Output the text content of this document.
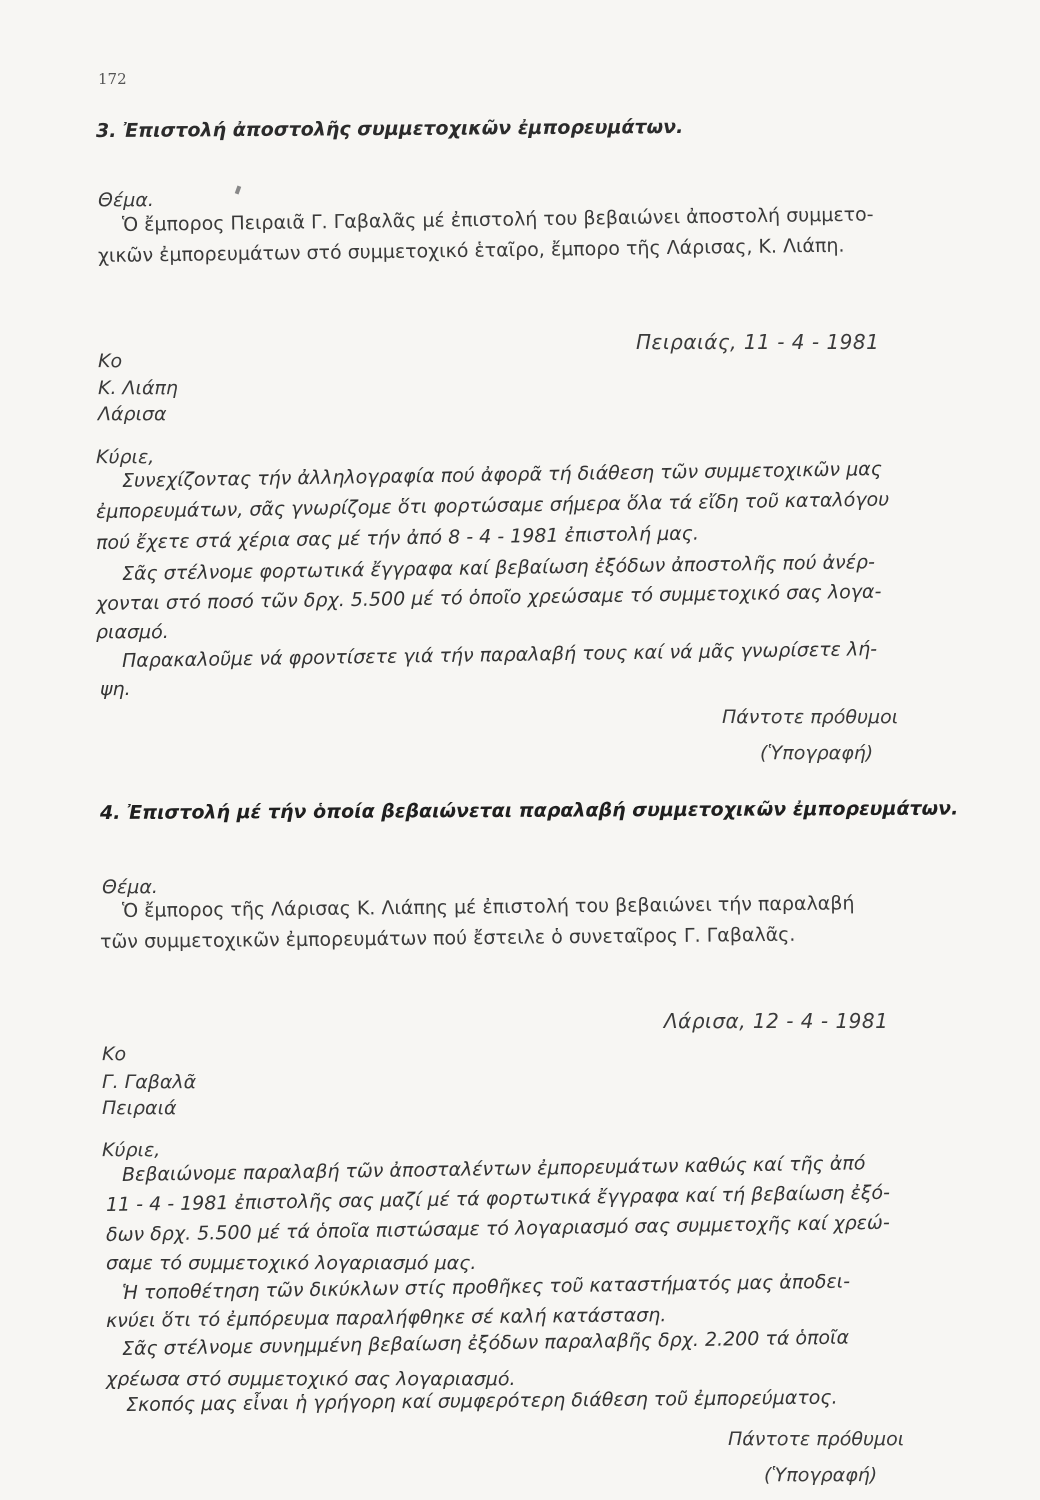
172
3. Ἐπιστολή ἀποστολῆς συμμετοχικῶν ἐμπορευμάτων.
Θέμα.
Ὁ ἔμπορος Πειραιᾶ Γ. Γαβαλᾶς μέ ἐπιστολή του βεβαιώνει ἀποστολή συμμετο-
χικῶν ἐμπορευμάτων στό συμμετοχικό ἑταῖρο, ἔμπορο τῆς Λάρισας, Κ. Λιάπη.
Πειραιάς, 11 - 4 - 1981
Κο
Κ. Λιάπη
Λάρισα
Κύριε,
Συνεχίζοντας τήν ἀλληλογραφία πού ἀφορᾶ τή διάθεση τῶν συμμετοχικῶν μας
ἐμπορευμάτων, σᾶς γνωρίζομε ὅτι φορτώσαμε σήμερα ὅλα τά εἴδη τοῦ καταλόγου
πού ἔχετε στά χέρια σας μέ τήν ἀπό 8 - 4 - 1981 ἐπιστολή μας.
Σᾶς στέλνομε φορτωτικά ἔγγραφα καί βεβαίωση ἐξόδων ἀποστολῆς πού ἀνέρ-
χονται στό ποσό τῶν δρχ. 5.500 μέ τό ὁποῖο χρεώσαμε τό συμμετοχικό σας λογα-
ριασμό.
Παρακαλοῦμε νά φροντίσετε γιά τήν παραλαβή τους καί νά μᾶς γνωρίσετε λή-
ψη.
Πάντοτε πρόθυμοι
(Ὑπογραφή)
4. Ἐπιστολή μέ τήν ὁποία βεβαιώνεται παραλαβή συμμετοχικῶν ἐμπορευμάτων.
Θέμα.
Ὁ ἔμπορος τῆς Λάρισας Κ. Λιάπης μέ ἐπιστολή του βεβαιώνει τήν παραλαβή
τῶν συμμετοχικῶν ἐμπορευμάτων πού ἔστειλε ὁ συνεταῖρος Γ. Γαβαλᾶς.
Λάρισα, 12 - 4 - 1981
Κο
Γ. Γαβαλᾶ
Πειραιά
Κύριε,
Βεβαιώνομε παραλαβή τῶν ἀποσταλέντων ἐμπορευμάτων καθώς καί τῆς ἀπό
11 - 4 - 1981 ἐπιστολῆς σας μαζί μέ τά φορτωτικά ἔγγραφα καί τή βεβαίωση ἐξό-
δων δρχ. 5.500 μέ τά ὁποῖα πιστώσαμε τό λογαριασμό σας συμμετοχῆς καί χρεώ-
σαμε τό συμμετοχικό λογαριασμό μας.
Ἡ τοποθέτηση τῶν δικύκλων στίς προθῆκες τοῦ καταστήματός μας ἀποδει-
κνύει ὅτι τό ἐμπόρευμα παραλήφθηκε σέ καλή κατάσταση.
Σᾶς στέλνομε συνημμένη βεβαίωση ἐξόδων παραλαβῆς δρχ. 2.200 τά ὁποῖα
χρέωσα στό συμμετοχικό σας λογαριασμό.
Σκοπός μας εἶναι ἡ γρήγορη καί συμφερότερη διάθεση τοῦ ἐμπορεύματος.
Πάντοτε πρόθυμοι
(Ὑπογραφή)
